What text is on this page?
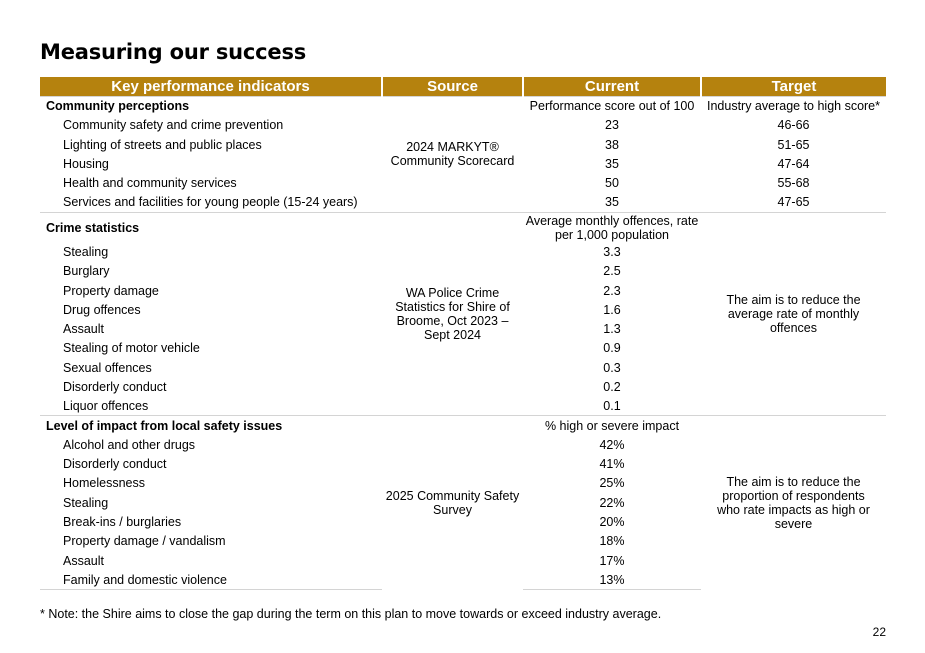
Measuring our success
Key performance indicators	Source	Current	Target
Community perceptions	2024 MARKYT® Community Scorecard	Performance score out of 100	Industry average to high score*
Community safety and crime prevention		23	46-66
Lighting of streets and public places		38	51-65
Housing		35	47-64
Health and community services		50	55-68
Services and facilities for young people (15-24 years)		35	47-65
Crime statistics	WA Police Crime Statistics for Shire of Broome, Oct 2023 – Sept 2024	Average monthly offences, rate per 1,000 population	The aim is to reduce the average rate of monthly offences
Stealing		3.3	
Burglary		2.5	
Property damage		2.3	
Drug offences		1.6	
Assault		1.3	
Stealing of motor vehicle		0.9	
Sexual offences		0.3	
Disorderly conduct		0.2	
Liquor offences		0.1	
Level of impact from local safety issues	2025 Community Safety Survey	% high or severe impact	The aim is to reduce the proportion of respondents who rate impacts as high or severe
Alcohol and other drugs		42%	
Disorderly conduct		41%	
Homelessness		25%	
Stealing		22%	
Break-ins / burglaries		20%	
Property damage / vandalism		18%	
Assault		17%	
Family and domestic violence		13%	
* Note: the Shire aims to close the gap during the term on this plan to move towards or exceed industry average.
22
